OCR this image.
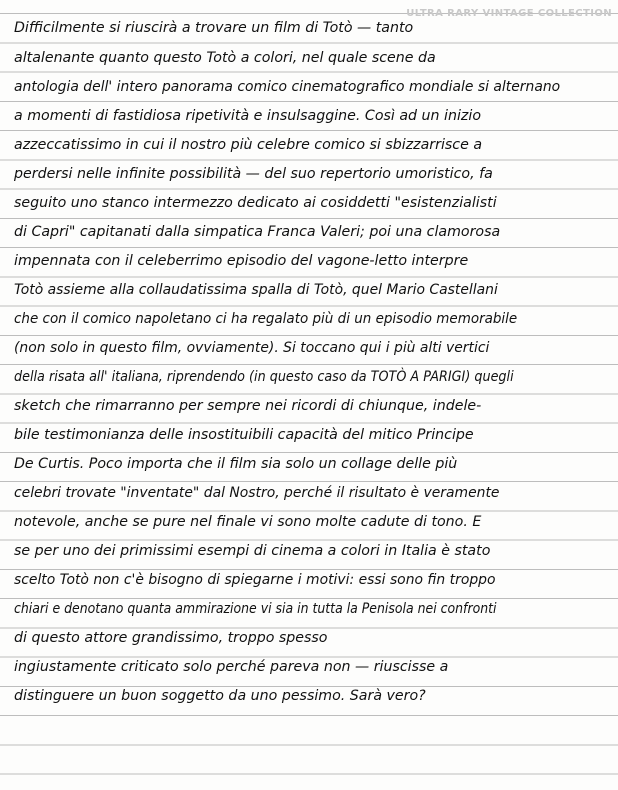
ULTRA RARY VINTAGE COLLECTION
Difficilmente si riuscirà a trovare un film di Totò — tanto
altalenante quanto questo Totò a colori, nel quale scene da
antologia dell' intero panorama comico cinematografico mondiale si alternano
a momenti di fastidiosa ripetività e insulsaggine. Così ad un inizio
azzeccatissimo in cui il nostro più celebre comico si sbizzarrisce a
perdersi nelle infinite possibilità — del suo repertorio umoristico, fa
seguito uno stanco intermezzo dedicato ai cosiddetti "esistenzialisti
di Capri" capitanati dalla simpatica Franca Valeri; poi una clamorosa
impennata con il celeberrimo episodio del vagone-letto interpre
Totò assieme alla collaudatissima spalla di Totò, quel Mario Castellani
che con il comico napoletano ci ha regalato più di un episodio memorabile
(non solo in questo film, ovviamente). Si toccano qui i più alti vertici
della risata all' italiana, riprendendo (in questo caso da TOTÒ A PARIGI) quegli
sketch che rimarranno per sempre nei ricordi di chiunque, indele-
bile testimonianza delle insostituibili capacità del mitico Principe
De Curtis. Poco importa che il film sia solo un collage delle più
celebri trovate "inventate" dal Nostro, perché il risultato è veramente
notevole, anche se pure nel finale vi sono molte cadute di tono. E
se per uno dei primissimi esempi di cinema a colori in Italia è stato
scelto Totò non c'è bisogno di spiegarne i motivi: essi sono fin troppo
chiari e denotano quanta ammirazione vi sia in tutta la Penisola nei confronti
di questo attore grandissimo, troppo spesso
ingiustamente criticato solo perché pareva non — riuscisse a
distinguere un buon soggetto da uno pessimo. Sarà vero?
